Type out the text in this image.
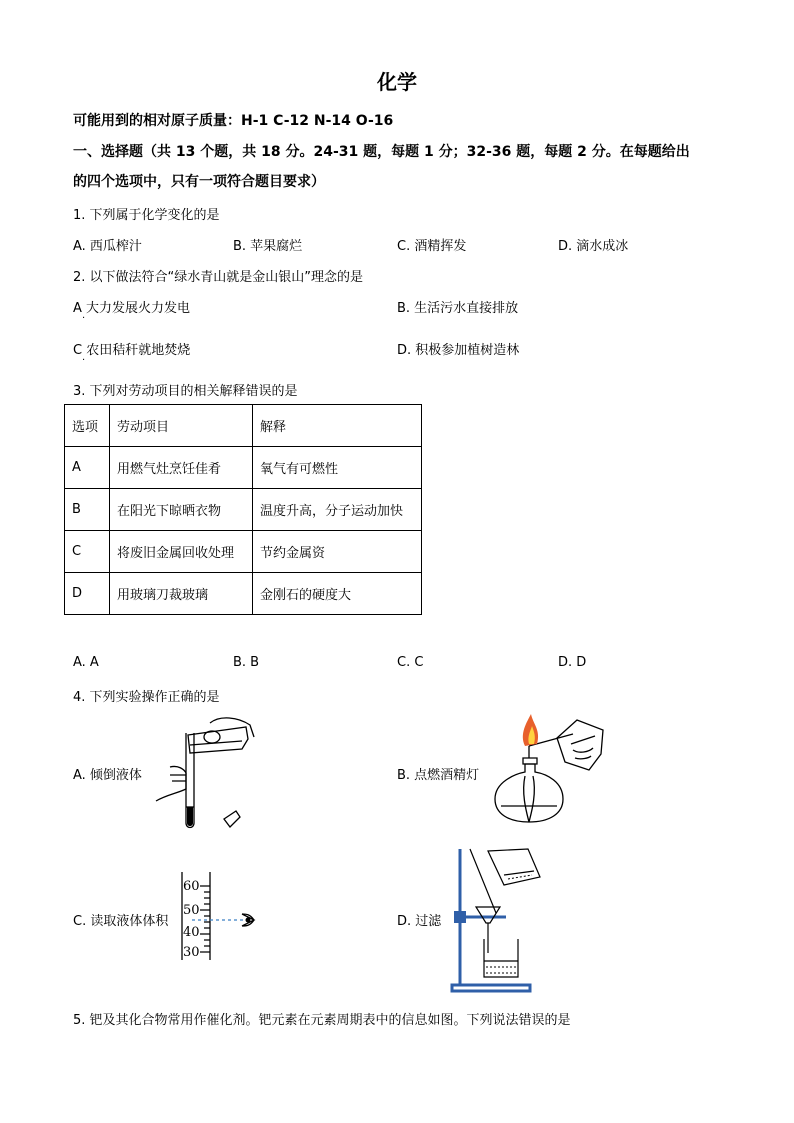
化学
可能用到的相对原子质量：H-1 C-12 N-14 O-16
一、选择题（共 13 个题，共 18 分。24-31 题，每题 1 分；32-36 题，每题 2 分。在每题给出
的四个选项中，只有一项符合题目要求）
1. 下列属于化学变化的是
A. 西瓜榨汁	B. 苹果腐烂	C. 酒精挥发	D. 滴水成冰
2. 以下做法符合“绿水青山就是金山银山”理念的是
A 大力发展火力发电
·
B. 生活污水直接排放
C 农田秸秆就地焚烧
·
D. 积极参加植树造林
3. 下列对劳动项目的相关解释错误的是
选项	劳动项目	解释
A	用燃气灶烹饪佳肴	氧气有可燃性
B	在阳光下晾晒衣物	温度升高，分子运动加快
C	将废旧金属回收处理	节约金属资
D	用玻璃刀裁玻璃	金刚石的硬度大
A. A	B. B	C. C	D. D
4. 下列实验操作正确的是
A. 倾倒液体	B. 点燃酒精灯
C. 读取液体体积	D. 过滤
60
50
40
30
5. 钯及其化合物常用作催化剂。钯元素在元素周期表中的信息如图。下列说法错误的是
